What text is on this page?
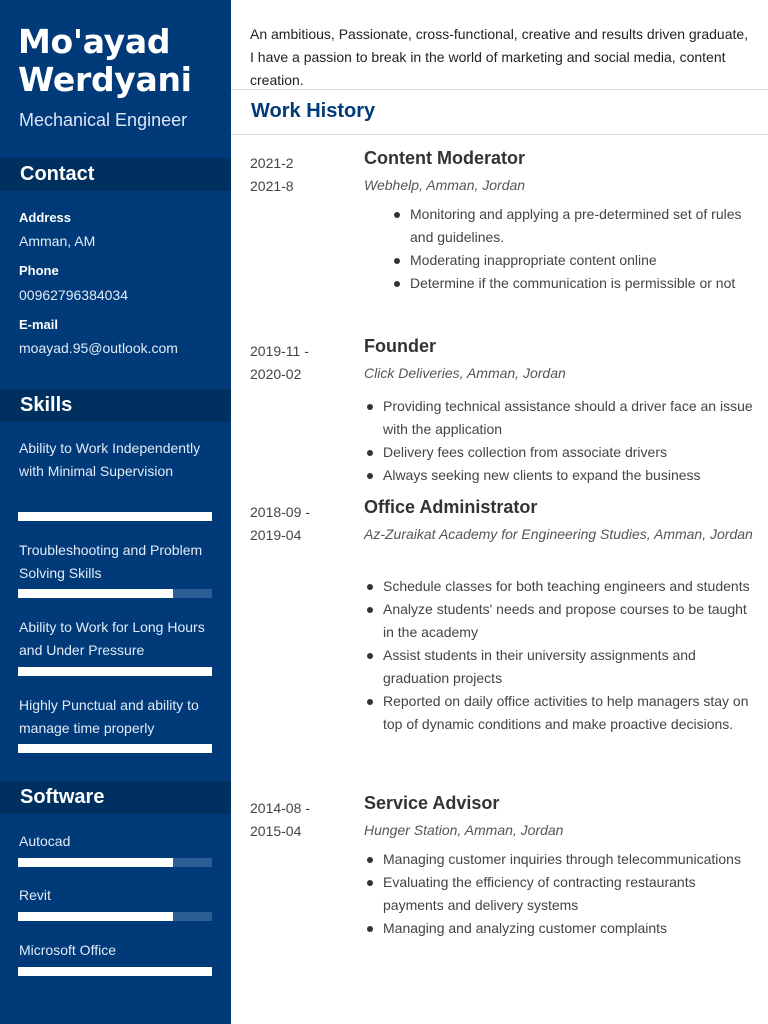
Mo'ayad
Werdyani
Mechanical Engineer
Contact
Address
Amman, AM
Phone
00962796384034
E-mail
moayad.95@outlook.com
Skills
Ability to Work Independently with Minimal Supervision
Troubleshooting and Problem Solving Skills
Ability to Work for Long Hours and Under Pressure
Highly Punctual and ability to manage time properly
Software
Autocad
Revit
Microsoft Office
An ambitious, Passionate, cross-functional, creative and results driven graduate, I have a passion to break in the world of marketing and social media, content creation.
Work History
2021-2
2021-8
Content Moderator
Webhelp, Amman, Jordan
Monitoring and applying a pre-determined set of rules and guidelines.
Moderating inappropriate content online
Determine if the communication is permissible or not
2019-11 -
2020-02
Founder
Click Deliveries, Amman, Jordan
Providing technical assistance should a driver face an issue with the application
Delivery fees collection from associate drivers
Always seeking new clients to expand the business
2018-09 -
2019-04
Office Administrator
Az-Zuraikat Academy for Engineering Studies, Amman, Jordan
Schedule classes for both teaching engineers and students
Analyze students' needs and propose courses to be taught in the academy
Assist students in their university assignments and graduation projects
Reported on daily office activities to help managers stay on top of dynamic conditions and make proactive decisions.
2014-08 -
2015-04
Service Advisor
Hunger Station, Amman, Jordan
Managing customer inquiries through telecommunications
Evaluating the efficiency of contracting restaurants payments and delivery systems
Managing and analyzing customer complaints
